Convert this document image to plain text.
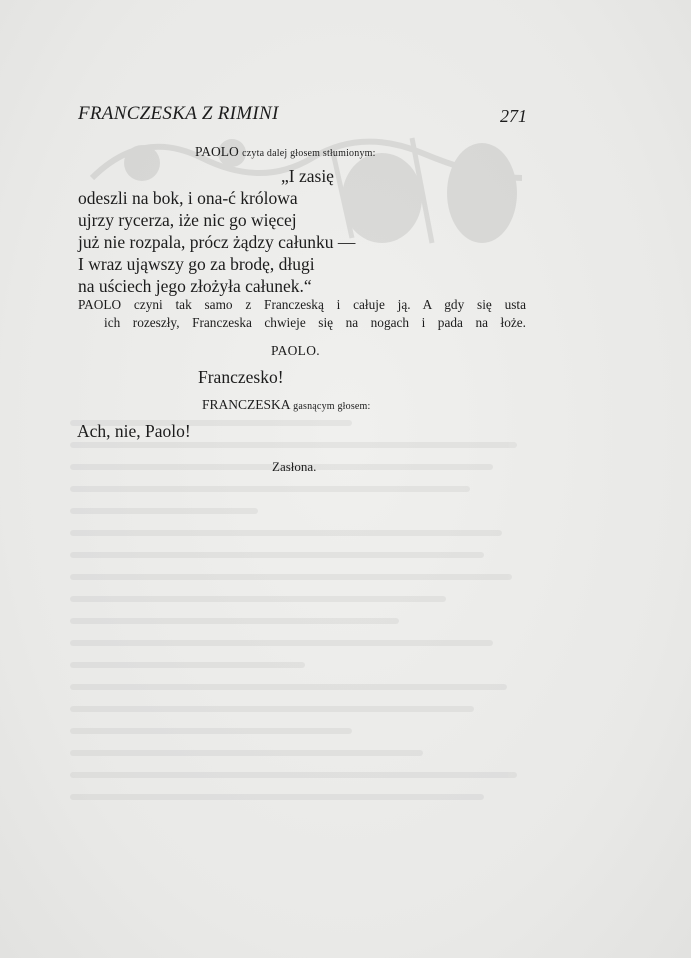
FRANCZESKA Z RIMINI	271
PAOLO czyta dalej głosem stłumionym:
„I zasię
odeszli na bok, i ona-ć królowa
ujrzy rycerza, iże nic go więcej
już nie rozpala, prócz żądzy całunku —
I wraz ująwszy go za brodę, długi
na uściech jego złożyła całunek.“
PAOLO czyni tak samo z Franczeską i całuje ją. A gdy się usta
ich rozeszły, Franczeska chwieje się na nogach i pada na łoże.
PAOLO.
Franczesko!
FRANCZESKA gasnącym głosem:
Ach, nie, Paolo!
Zasłona.
